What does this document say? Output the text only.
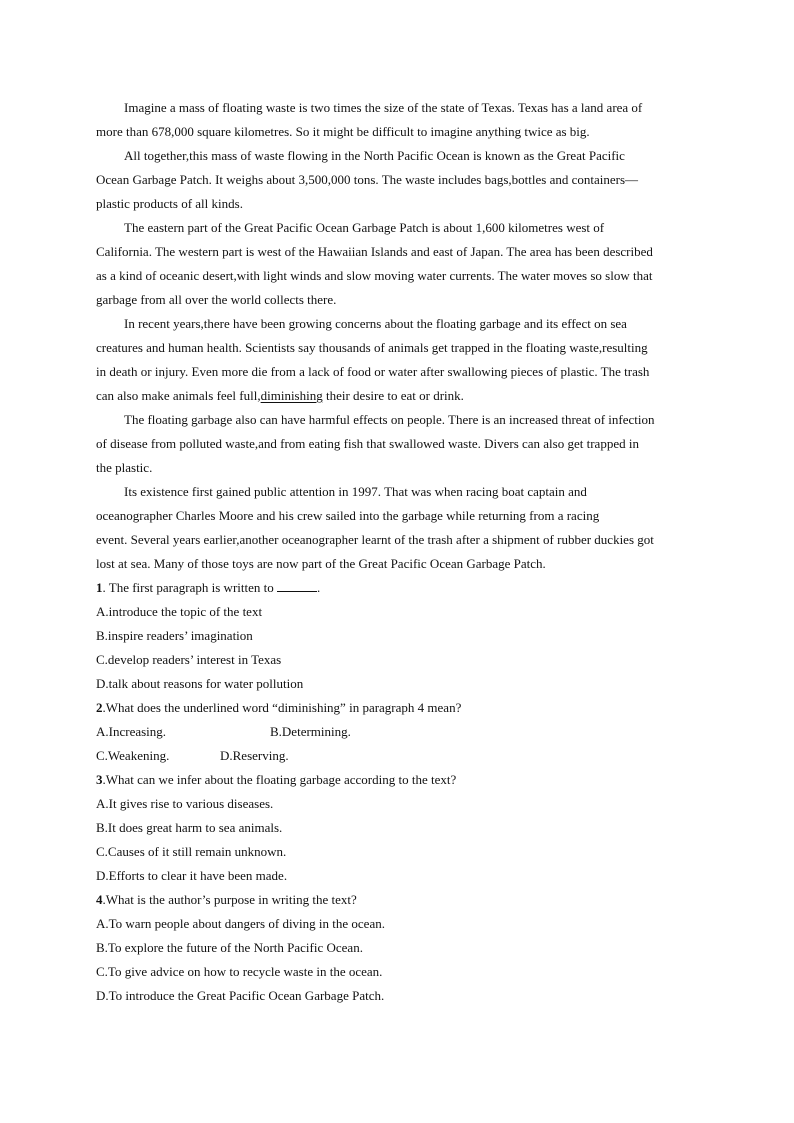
Imagine a mass of floating waste is two times the size of the state of Texas. Texas has a land area of
more than 678,000 square kilometres. So it might be difficult to imagine anything twice as big.
All together,this mass of waste flowing in the North Pacific Ocean is known as the Great Pacific
Ocean Garbage Patch. It weighs about 3,500,000 tons. The waste includes bags,bottles and containers—
plastic products of all kinds.
The eastern part of the Great Pacific Ocean Garbage Patch is about 1,600 kilometres west of
California. The western part is west of the Hawaiian Islands and east of Japan. The area has been described
as a kind of oceanic desert,with light winds and slow moving water currents. The water moves so slow that
garbage from all over the world collects there.
In recent years,there have been growing concerns about the floating garbage and its effect on sea
creatures and human health. Scientists say thousands of animals get trapped in the floating waste,resulting
in death or injury. Even more die from a lack of food or water after swallowing pieces of plastic. The trash
can also make animals feel full,diminishing their desire to eat or drink.
The floating garbage also can have harmful effects on people. There is an increased threat of infection
of disease from polluted waste,and from eating fish that swallowed waste. Divers can also get trapped in
the plastic.
Its existence first gained public attention in 1997. That was when racing boat captain and
oceanographer Charles Moore and his crew sailed into the garbage while returning from a racing
event. Several years earlier,another oceanographer learnt of the trash after a shipment of rubber duckies got
lost at sea. Many of those toys are now part of the Great Pacific Ocean Garbage Patch.
1. The first paragraph is written to	.
A.introduce the topic of the text
B.inspire readers’ imagination
C.develop readers’ interest in Texas
D.talk about reasons for water pollution
2.What does the underlined word “diminishing” in paragraph 4 mean?
A.Increasing.	B.Determining.
C.Weakening.	D.Reserving.
3.What can we infer about the floating garbage according to the text?
A.It gives rise to various diseases.
B.It does great harm to sea animals.
C.Causes of it still remain unknown.
D.Efforts to clear it have been made.
4.What is the author’s purpose in writing the text?
A.To warn people about dangers of diving in the ocean.
B.To explore the future of the North Pacific Ocean.
C.To give advice on how to recycle waste in the ocean.
D.To introduce the Great Pacific Ocean Garbage Patch.
